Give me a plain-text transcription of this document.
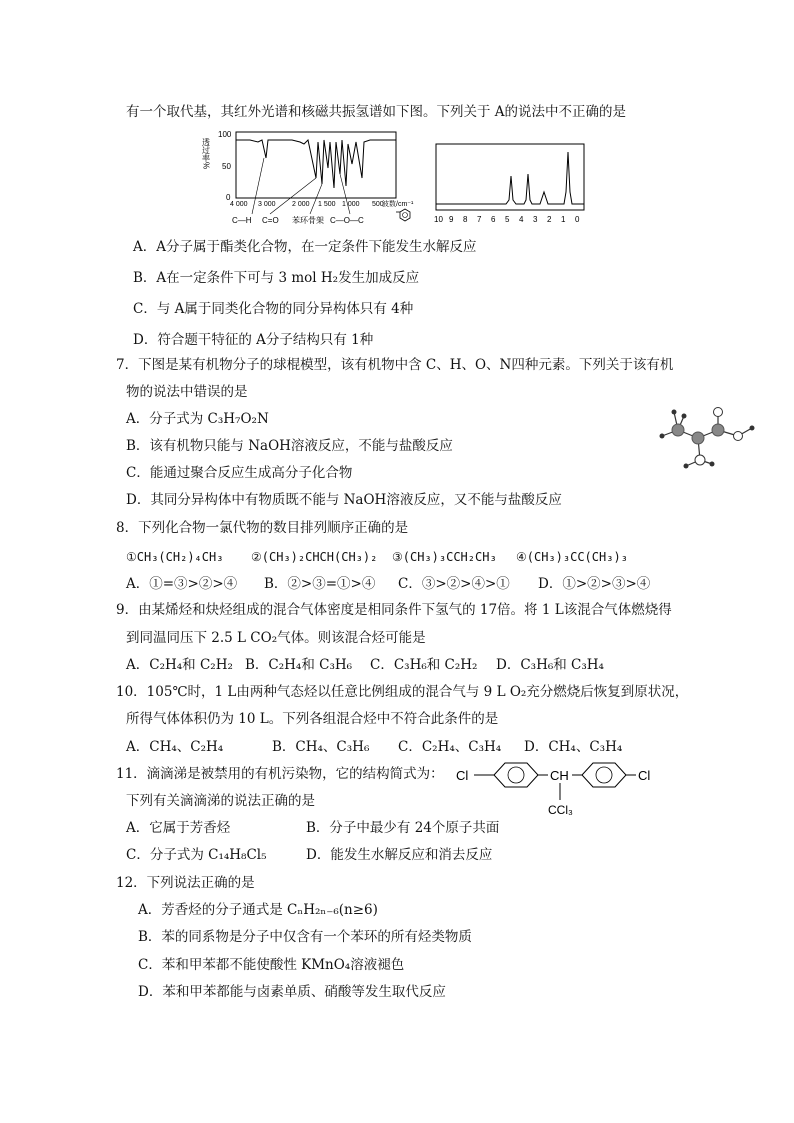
有一个取代基，其红外光谱和核磁共振氢谱如下图。下列关于 A的说法中不正确的是
透过率%
100
50
0
4 000 3 000 2 000 1 500 1 000 500
波数/cm⁻¹
C—H C=O 苯环骨架 C—O—C	10 9 8 7 6 5 4 3 2 1 0
A．A分子属于酯类化合物，在一定条件下能发生水解反应
B．A在一定条件下可与 3 mol H₂发生加成反应
C．与 A属于同类化合物的同分异构体只有 4种
D．符合题干特征的 A分子结构只有 1种
7．下图是某有机物分子的球棍模型，该有机物中含 C、H、O、N四种元素。下列关于该有机
物的说法中错误的是
A．分子式为 C₃H₇O₂N
B．该有机物只能与 NaOH溶液反应，不能与盐酸反应
C．能通过聚合反应生成高分子化合物
D．其同分异构体中有物质既不能与 NaOH溶液反应，又不能与盐酸反应
8．下列化合物一氯代物的数目排列顺序正确的是
①CH₃(CH₂)₄CH₃ ②(CH₃)₂CHCH(CH₃)₂ ③(CH₃)₃CCH₂CH₃ ④(CH₃)₃CC(CH₃)₃
A．①=③>②>④ B．②>③=①>④ C．③>②>④>① D．①>②>③>④
9．由某烯烃和炔烃组成的混合气体密度是相同条件下氢气的 17倍。将 1 L该混合气体燃烧得
到同温同压下 2.5 L CO₂气体。则该混合烃可能是
A．C₂H₄和 C₂H₂ B．C₂H₄和 C₃H₆ C．C₃H₆和 C₂H₂ D．C₃H₆和 C₃H₄
10．105℃时，1 L由两种气态烃以任意比例组成的混合气与 9 L O₂充分燃烧后恢复到原状况，
所得气体体积仍为 10 L。下列各组混合烃中不符合此条件的是
A．CH₄、C₂H₄	B．CH₄、C₃H₆ C．C₂H₄、C₃H₄ D．CH₄、C₃H₄
11．滴滴涕是被禁用的有机污染物，它的结构简式为： Cl	CH	Cl
CCl₃
下列有关滴滴涕的说法正确的是
A．它属于芳香烃	B．分子中最少有 24个原子共面
C．分子式为 C₁₄H₈Cl₅	D．能发生水解反应和消去反应
12．下列说法正确的是
A．芳香烃的分子通式是 CₙH₂ₙ₋₆(n≥6)
B．苯的同系物是分子中仅含有一个苯环的所有烃类物质
C．苯和甲苯都不能使酸性 KMnO₄溶液褪色
D．苯和甲苯都能与卤素单质、硝酸等发生取代反应
